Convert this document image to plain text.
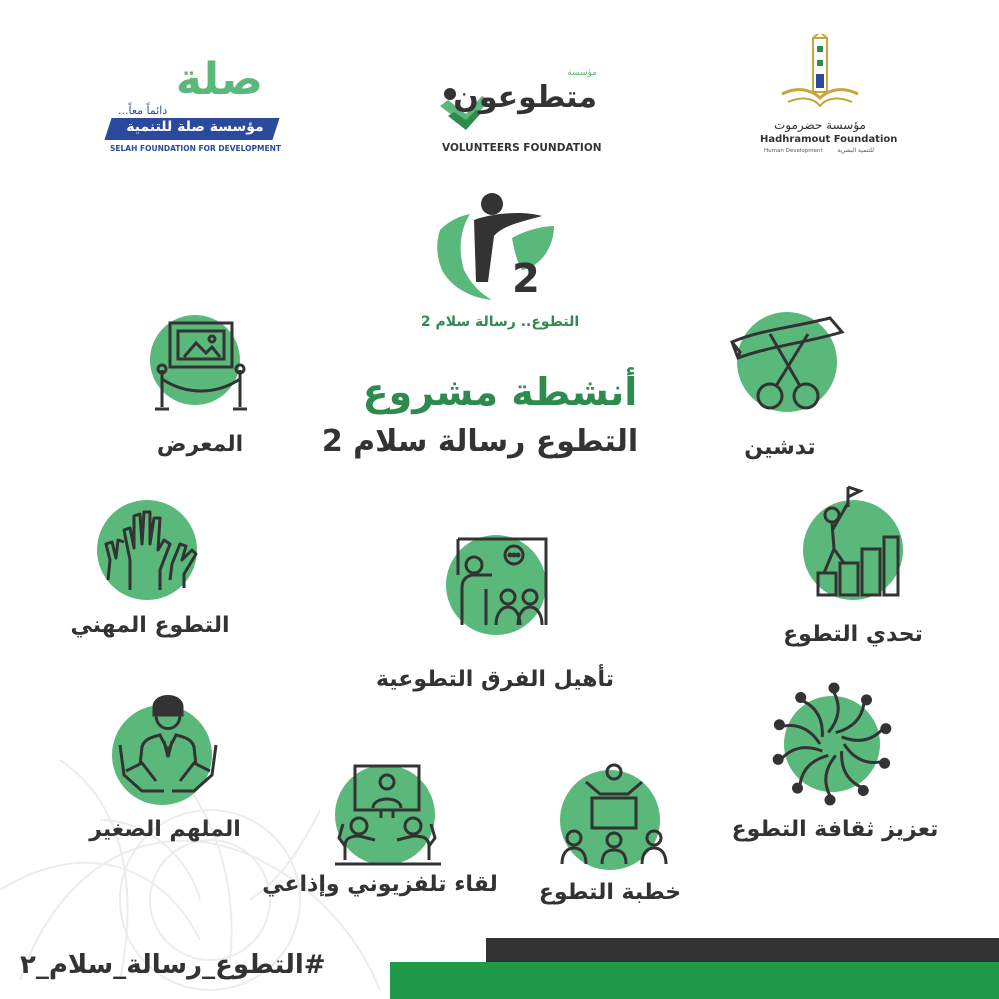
صلة
دائماً معاً...
مؤسسة صلة للتنمية
SELAH FOUNDATION FOR DEVELOPMENT
مؤسسة
متطوعون
VOLUNTEERS FOUNDATION
مؤسسة حضرموت
Hadhramout Foundation
Human Development للتنمية البشرية
2
التطوع.. رسالة سلام 2
أنشطة مشروع
التطوع رسالة سلام 2
المعرض	تدشين
التطوع المهني	تحدي التطوع
تأهيل الفرق التطوعية
تعزيز ثقافة التطوع
الملهم الصغير
لقاء تلفزيوني وإذاعي	خطبة التطوع
#التطوع_رسالة_سلام_٢
